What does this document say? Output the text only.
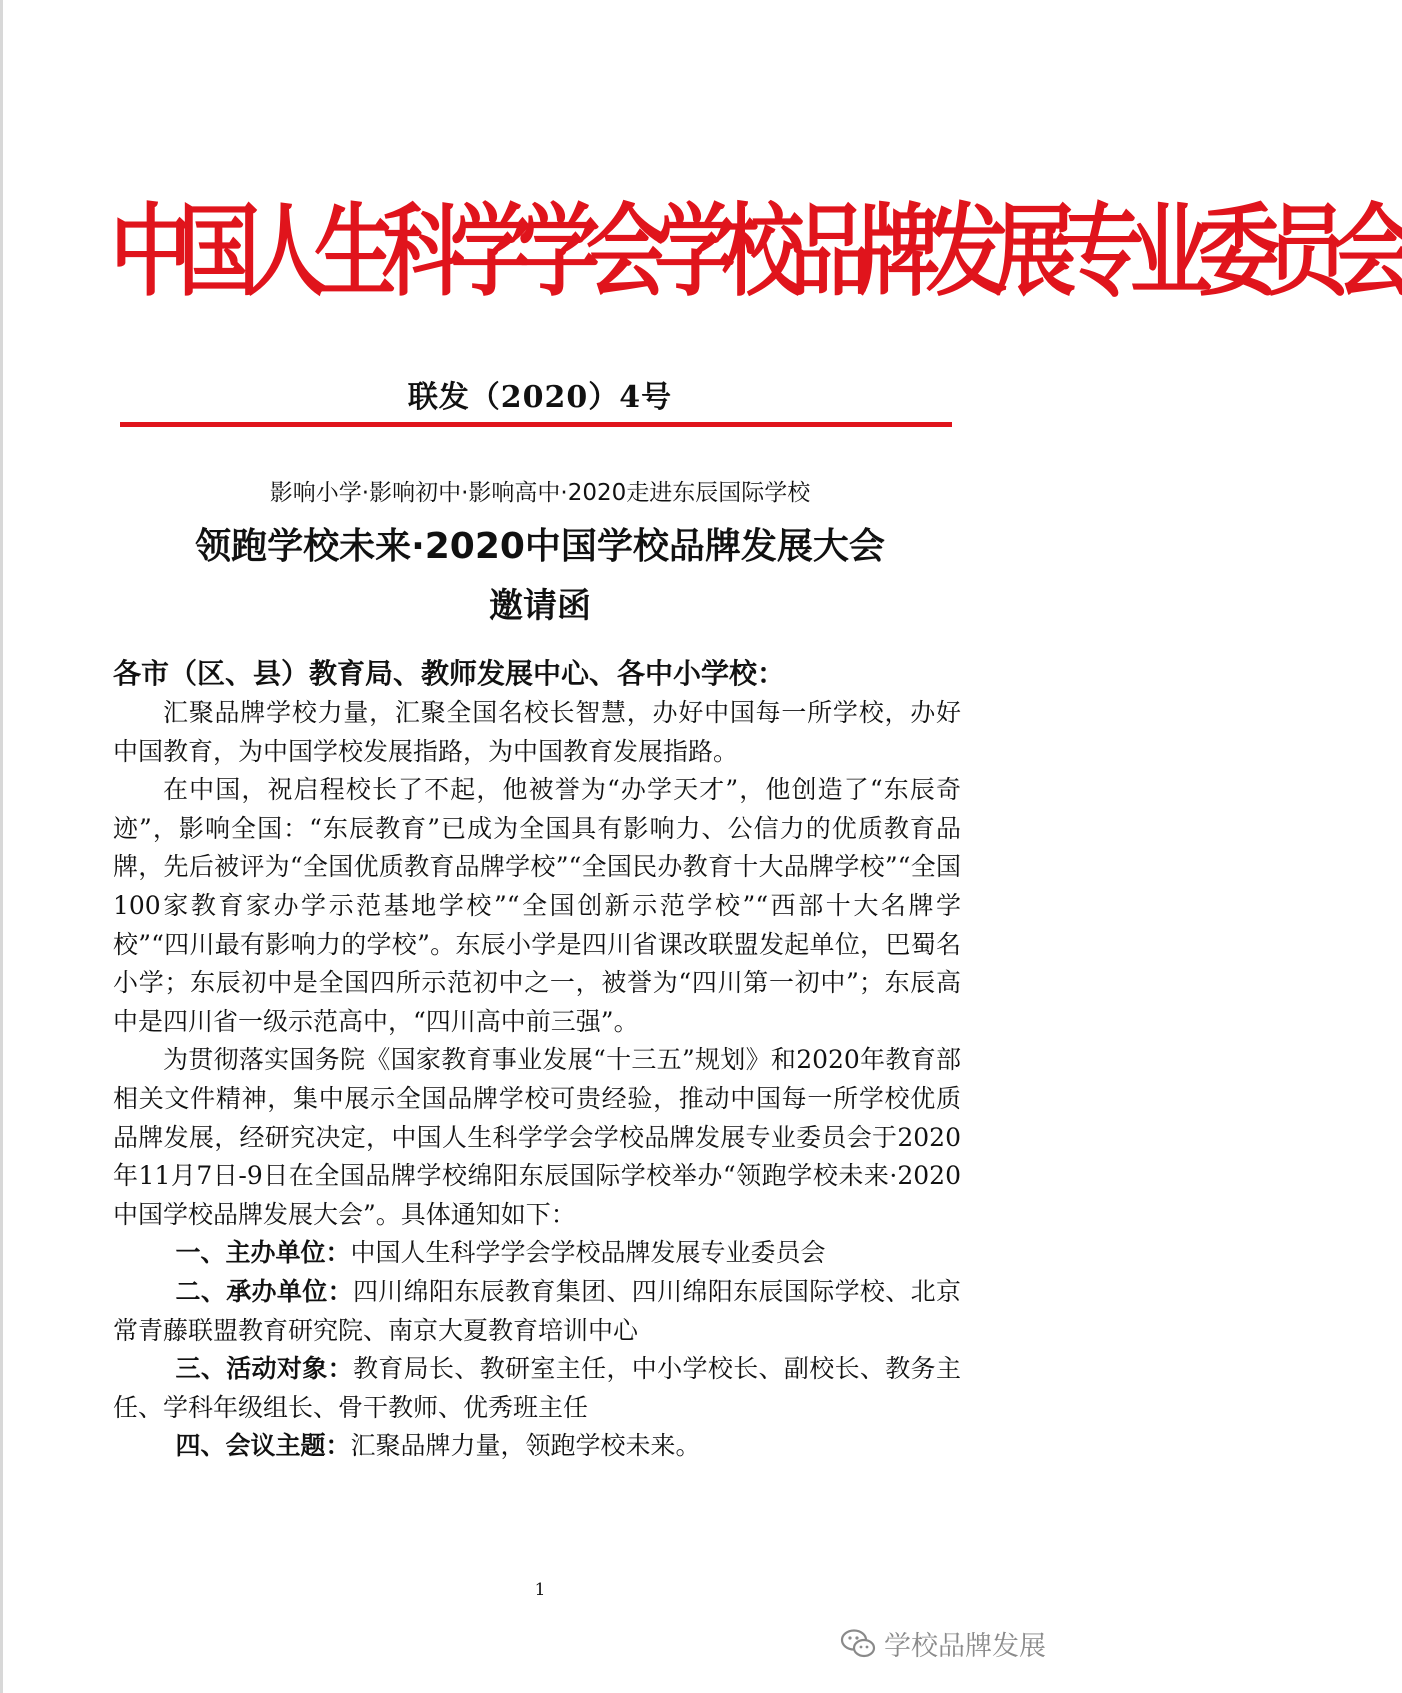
中国人生科学学会学校品牌发展专业委员会
联发（2020）4号
影响小学·影响初中·影响高中·2020走进东辰国际学校
领跑学校未来·2020中国学校品牌发展大会
邀请函
各市（区、县）教育局、教师发展中心、各中小学校：

汇聚品牌学校力量，汇聚全国名校长智慧，办好中国每一所学校，办好中国教育，为中国学校发展指路，为中国教育发展指路。

在中国，祝启程校长了不起，他被誉为“办学天才”，他创造了“东辰奇迹”，影响全国：“东辰教育”已成为全国具有影响力、公信力的优质教育品牌，先后被评为“全国优质教育品牌学校”“全国民办教育十大品牌学校”“全国100家教育家办学示范基地学校”“全国创新示范学校”“西部十大名牌学校”“四川最有影响力的学校”。东辰小学是四川省课改联盟发起单位，巴蜀名小学；东辰初中是全国四所示范初中之一，被誉为“四川第一初中”；东辰高中是四川省一级示范高中，“四川高中前三强”。

为贯彻落实国务院《国家教育事业发展“十三五”规划》和2020年教育部相关文件精神，集中展示全国品牌学校可贵经验，推动中国每一所学校优质品牌发展，经研究决定，中国人生科学学会学校品牌发展专业委员会于2020年11月7日-9日在全国品牌学校绵阳东辰国际学校举办“领跑学校未来·2020中国学校品牌发展大会”。具体通知如下：

一、主办单位：中国人生科学学会学校品牌发展专业委员会

二、承办单位：四川绵阳东辰教育集团、四川绵阳东辰国际学校、北京常青藤联盟教育研究院、南京大夏教育培训中心

三、活动对象：教育局长、教研室主任，中小学校长、副校长、教务主任、学科年级组长、骨干教师、优秀班主任

四、会议主题：汇聚品牌力量，领跑学校未来。

1
学校品牌发展
